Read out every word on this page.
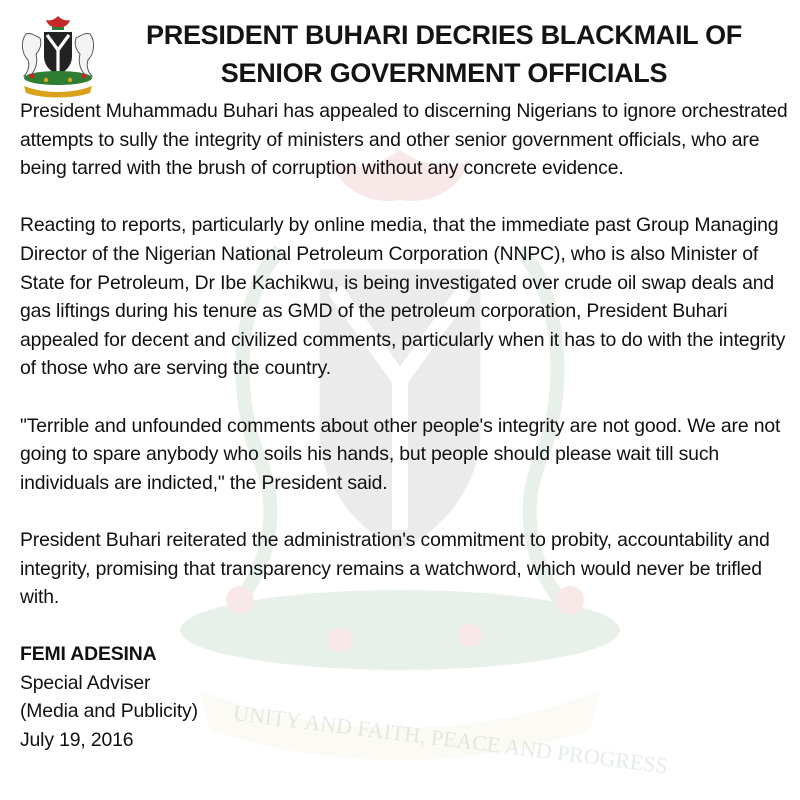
UNITY AND FAITH, PEACE AND PROGRESS
PRESIDENT BUHARI DECRIES BLACKMAIL OF
SENIOR GOVERNMENT OFFICIALS

President Muhammadu Buhari has appealed to discerning Nigerians to ignore orchestrated attempts to sully the integrity of ministers and other senior government officials, who are being tarred with the brush of corruption without any concrete evidence.

Reacting to reports, particularly by online media, that the immediate past Group Managing Director of the Nigerian National Petroleum Corporation (NNPC), who is also Minister of State for Petroleum, Dr Ibe Kachikwu, is being investigated over crude oil swap deals and gas liftings during his tenure as GMD of the petroleum corporation, President Buhari appealed for decent and civilized comments, particularly when it has to do with the integrity of those who are serving the country.

"Terrible and unfounded comments about other people's integrity are not good. We are not going to spare anybody who soils his hands, but people should please wait till such individuals are indicted," the President said.

President Buhari reiterated the administration's commitment to probity, accountability and integrity, promising that transparency remains a watchword, which would never be trifled with.

FEMI ADESINA
Special Adviser
(Media and Publicity)
July 19, 2016
